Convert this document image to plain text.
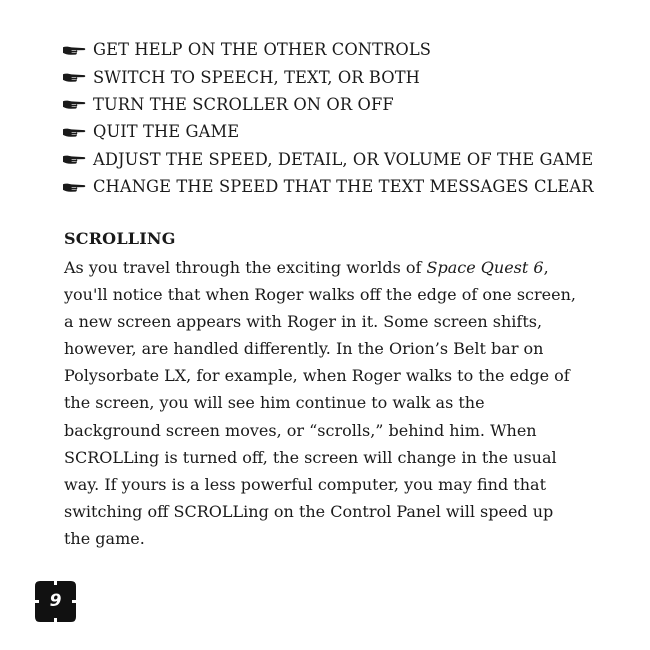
GET HELP ON THE OTHER CONTROLS
SWITCH TO SPEECH, TEXT, OR BOTH
TURN THE SCROLLER ON OR OFF
QUIT THE GAME
ADJUST THE SPEED, DETAIL, OR VOLUME OF THE GAME
CHANGE THE SPEED THAT THE TEXT MESSAGES CLEAR
SCROLLING

As you travel through the exciting worlds of Space Quest 6,
you'll notice that when Roger walks off the edge of one screen,
a new screen appears with Roger in it. Some screen shifts,
however, are handled differently. In the Orion’s Belt bar on
Polysorbate LX, for example, when Roger walks to the edge of
the screen, you will see him continue to walk as the
background screen moves, or “scrolls,” behind him. When
SCROLLing is turned off, the screen will change in the usual
way. If yours is a less powerful computer, you may find that
switching off SCROLLing on the Control Panel will speed up
the game.

9
